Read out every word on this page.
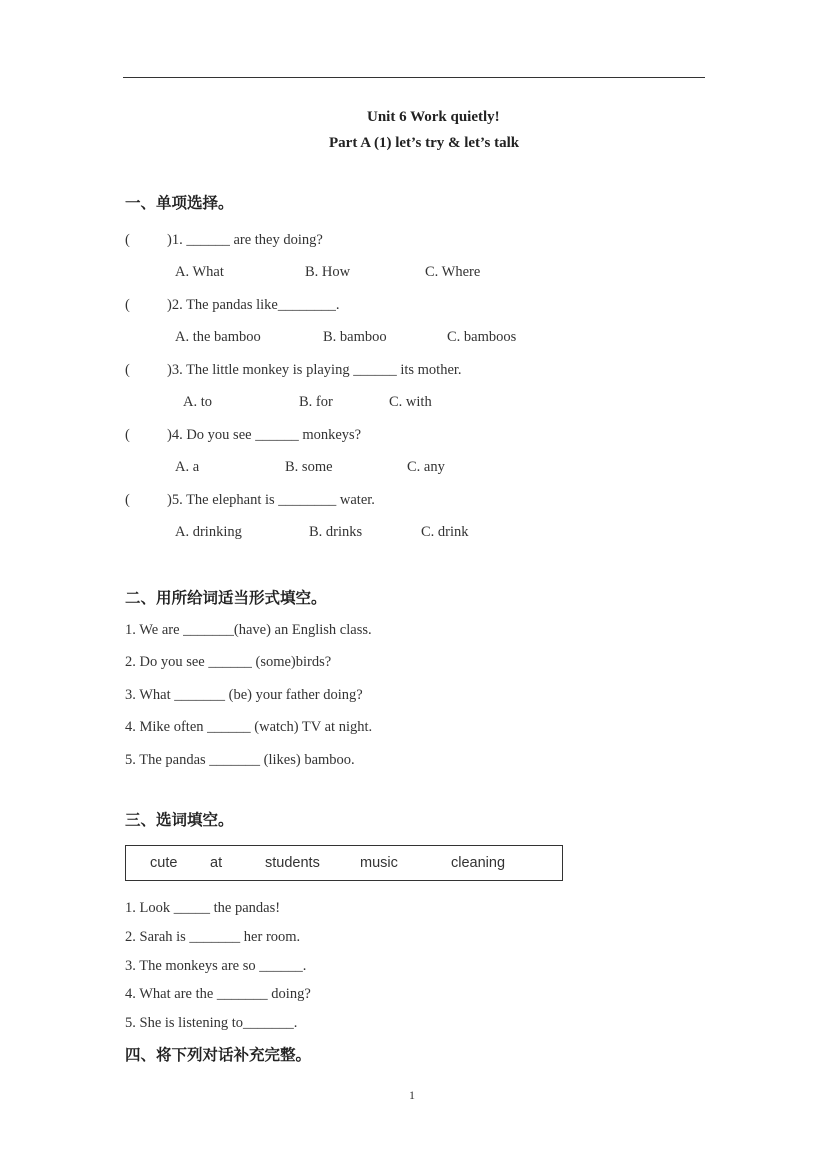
Unit 6 Work quietly!
Part A (1) let’s try & let’s talk
一、单项选择。
(	)1. ______ are they doing?
A. What	B. How	C. Where
(	)2. The pandas like________.
A. the bamboo	B. bamboo	C. bamboos
(	)3. The little monkey is playing ______ its mother.
A. to	B. for	C. with
(	)4. Do you see ______ monkeys?
A. a	B. some	C. any
(	)5. The elephant is ________ water.
A. drinking	B. drinks	C. drink
二、用所给词适当形式填空。
1. We are _______(have) an English class.
2. Do you see ______ (some)birds?
3. What _______ (be) your father doing?
4. Mike often ______ (watch) TV at night.
5. The pandas _______ (likes) bamboo.
三、选词填空。
cute at	students	music	cleaning
1. Look _____ the pandas!
2. Sarah is _______ her room.
3. The monkeys are so ______.
4. What are the _______ doing?
5. She is listening to_______.
四、将下列对话补充完整。
1
